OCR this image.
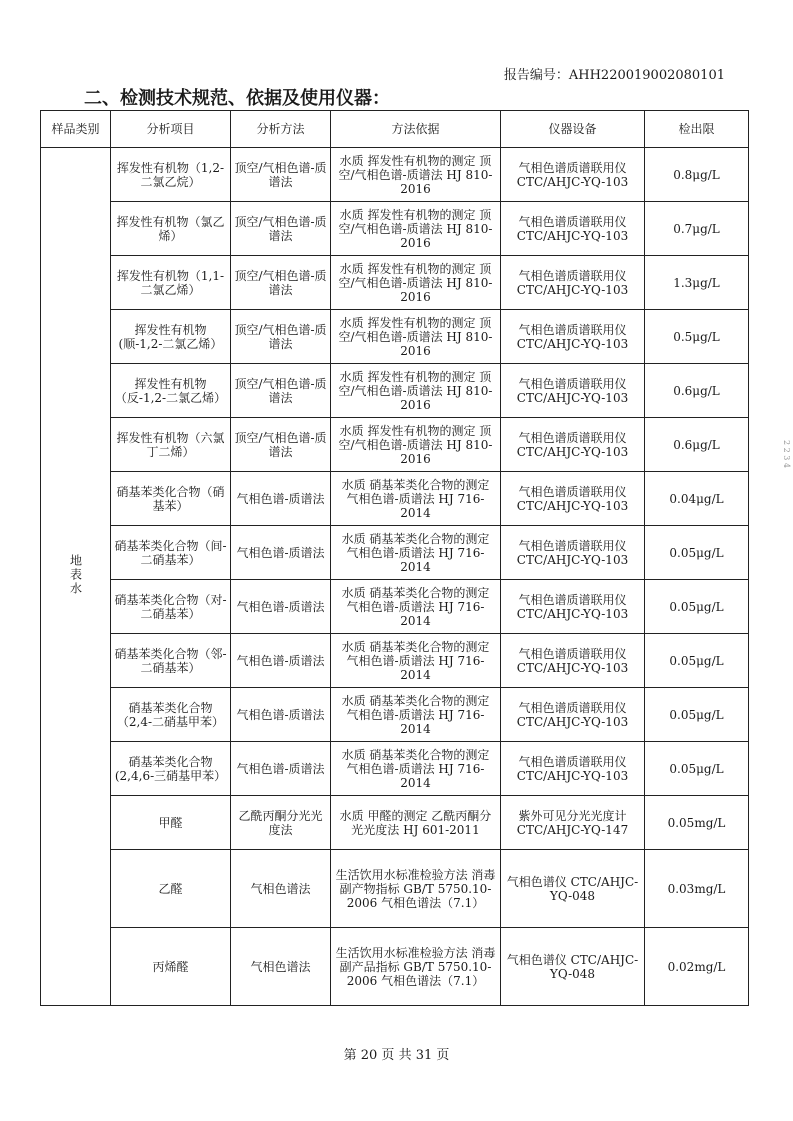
报告编号：AHH220019002080101
二、检测技术规范、依据及使用仪器：
样品类别	分析项目	分析方法	方法依据	仪器设备	检出限
地表水	挥发性有机物（1,2-二氯乙烷）	顶空/气相色谱-质谱法	水质 挥发性有机物的测定 顶空/气相色谱-质谱法 HJ 810-2016	气相色谱质谱联用仪 CTC/AHJC-YQ-103	0.8μg/L
	挥发性有机物（氯乙烯）	顶空/气相色谱-质谱法	水质 挥发性有机物的测定 顶空/气相色谱-质谱法 HJ 810-2016	气相色谱质谱联用仪 CTC/AHJC-YQ-103	0.7μg/L
	挥发性有机物（1,1-二氯乙烯）	顶空/气相色谱-质谱法	水质 挥发性有机物的测定 顶空/气相色谱-质谱法 HJ 810-2016	气相色谱质谱联用仪 CTC/AHJC-YQ-103	1.3μg/L
	挥发性有机物(顺-1,2-二氯乙烯）	顶空/气相色谱-质谱法	水质 挥发性有机物的测定 顶空/气相色谱-质谱法 HJ 810-2016	气相色谱质谱联用仪 CTC/AHJC-YQ-103	0.5μg/L
	挥发性有机物（反-1,2-二氯乙烯）	顶空/气相色谱-质谱法	水质 挥发性有机物的测定 顶空/气相色谱-质谱法 HJ 810-2016	气相色谱质谱联用仪 CTC/AHJC-YQ-103	0.6μg/L
	挥发性有机物（六氯丁二烯）	顶空/气相色谱-质谱法	水质 挥发性有机物的测定 顶空/气相色谱-质谱法 HJ 810-2016	气相色谱质谱联用仪 CTC/AHJC-YQ-103	0.6μg/L
	硝基苯类化合物（硝基苯）	气相色谱-质谱法	水质 硝基苯类化合物的测定 气相色谱-质谱法 HJ 716-2014	气相色谱质谱联用仪 CTC/AHJC-YQ-103	0.04μg/L
	硝基苯类化合物（间-二硝基苯）	气相色谱-质谱法	水质 硝基苯类化合物的测定 气相色谱-质谱法 HJ 716-2014	气相色谱质谱联用仪 CTC/AHJC-YQ-103	0.05μg/L
	硝基苯类化合物（对-二硝基苯）	气相色谱-质谱法	水质 硝基苯类化合物的测定 气相色谱-质谱法 HJ 716-2014	气相色谱质谱联用仪 CTC/AHJC-YQ-103	0.05μg/L
	硝基苯类化合物（邻-二硝基苯）	气相色谱-质谱法	水质 硝基苯类化合物的测定 气相色谱-质谱法 HJ 716-2014	气相色谱质谱联用仪 CTC/AHJC-YQ-103	0.05μg/L
	硝基苯类化合物（2,4-二硝基甲苯）	气相色谱-质谱法	水质 硝基苯类化合物的测定 气相色谱-质谱法 HJ 716-2014	气相色谱质谱联用仪 CTC/AHJC-YQ-103	0.05μg/L
	硝基苯类化合物(2,4,6-三硝基甲苯）	气相色谱-质谱法	水质 硝基苯类化合物的测定 气相色谱-质谱法 HJ 716-2014	气相色谱质谱联用仪 CTC/AHJC-YQ-103	0.05μg/L
	甲醛	乙酰丙酮分光光度法	水质 甲醛的测定 乙酰丙酮分光光度法 HJ 601-2011	紫外可见分光光度计 CTC/AHJC-YQ-147	0.05mg/L
	乙醛	气相色谱法	生活饮用水标准检验方法 消毒副产物指标 GB/T 5750.10-2006 气相色谱法（7.1）	气相色谱仪 CTC/AHJC-YQ-048	0.03mg/L
	丙烯醛	气相色谱法	生活饮用水标准检验方法 消毒副产品指标 GB/T 5750.10-2006 气相色谱法（7.1）	气相色谱仪 CTC/AHJC-YQ-048	0.02mg/L
2 2 3 4
第 20 页 共 31 页
